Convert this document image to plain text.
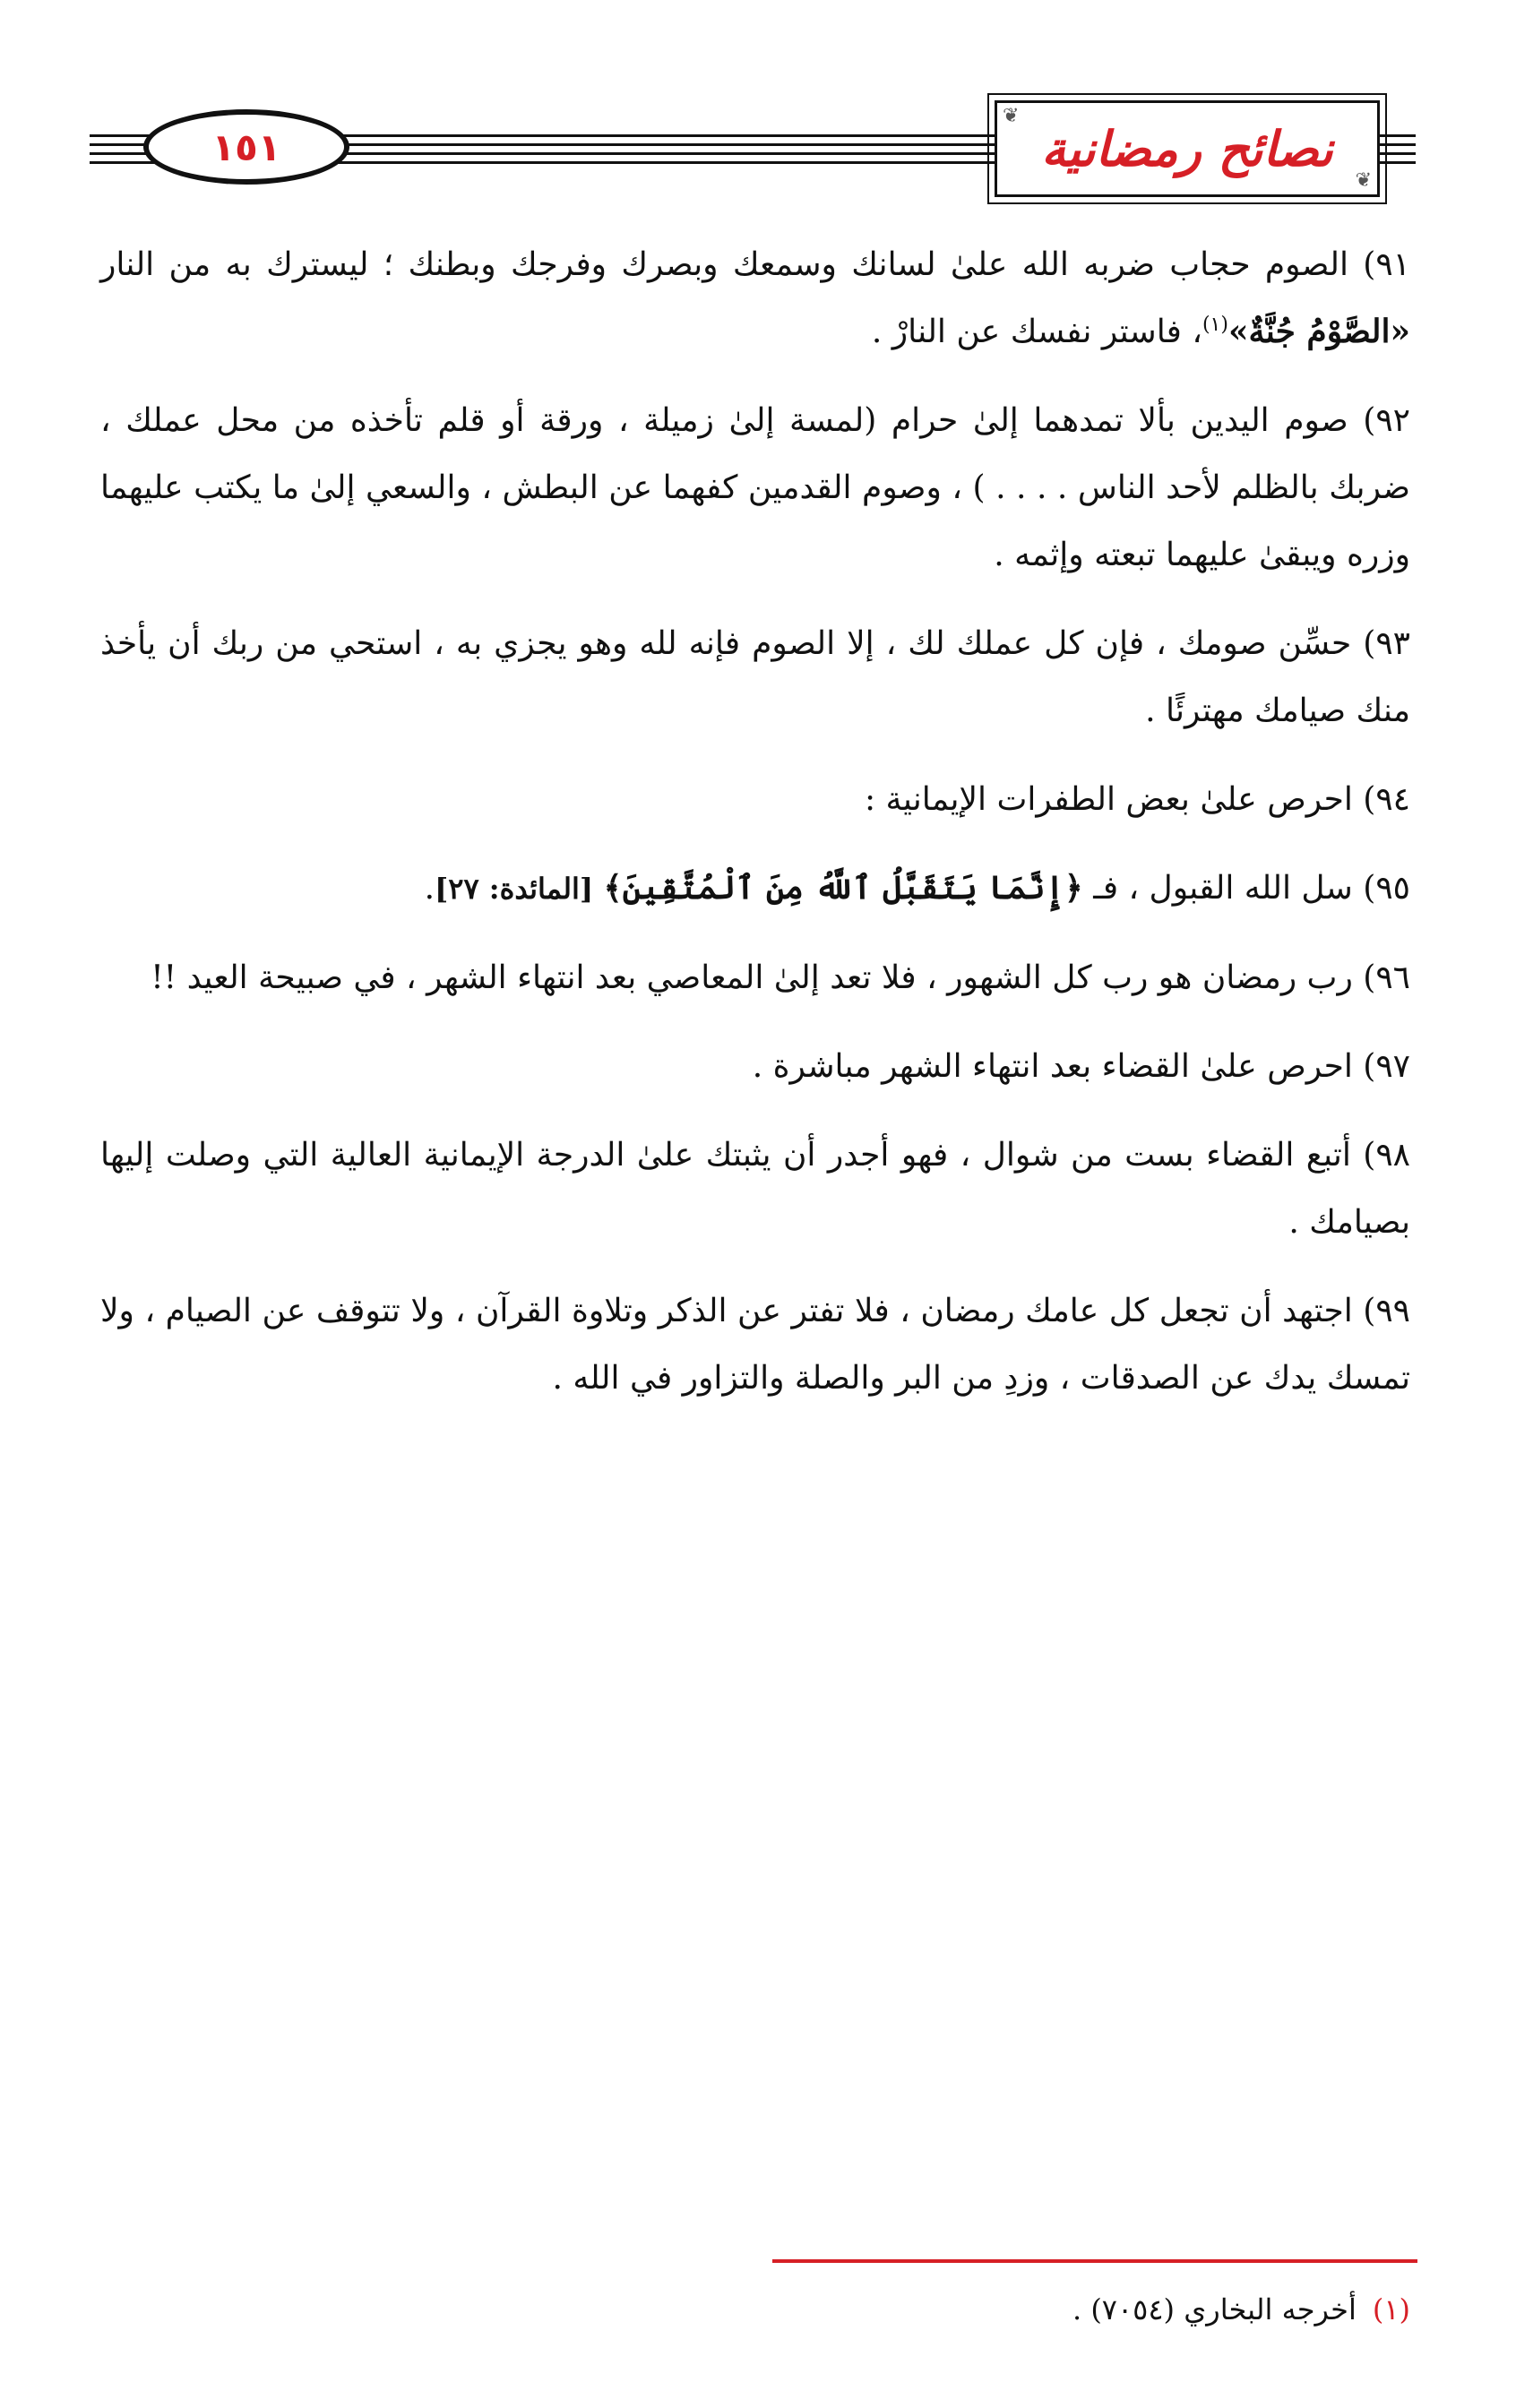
❦
نصائح رمضانية
❦
١٥١

٩١) الصوم حجاب ضربه الله علىٰ لسانك وسمعك وبصرك وفرجك وبطنك ؛ ليسترك به من النار «الصَّوْمُ جُنَّةٌ»$^{(١)}$، فاستر نفسك عن النارْ .

٩٢) صوم اليدين بألا تمدهما إلىٰ حرام (لمسة إلىٰ زميلة ، ورقة أو قلم تأخذه من محل عملك ، ضربك بالظلم لأحد الناس . . . . ) ، وصوم القدمين كفهما عن البطش ، والسعي إلىٰ ما يكتب عليهما وزره ويبقىٰ عليهما تبعته وإثمه .

٩٣) حسِّن صومك ، فإن كل عملك لك ، إلا الصوم فإنه لله وهو يجزي به ، استحي من ربك أن يأخذ منك صيامك مهترئًا .

٩٤) احرص علىٰ بعض الطفرات الإيمانية :

٩٥) سل الله القبول ، فـ ﴿إِنَّمَا يَتَقَبَّلُ ٱللَّهُ مِنَ ٱلْمُتَّقِينَ﴾ [المائدة: ٢٧].

٩٦) رب رمضان هو رب كل الشهور ، فلا تعد إلىٰ المعاصي بعد انتهاء الشهر ، في صبيحة العيد !!

٩٧) احرص علىٰ القضاء بعد انتهاء الشهر مباشرة .

٩٨) أتبع القضاء بست من شوال ، فهو أجدر أن يثبتك علىٰ الدرجة الإيمانية العالية التي وصلت إليها بصيامك .

٩٩) اجتهد أن تجعل كل عامك رمضان ، فلا تفتر عن الذكر وتلاوة القرآن ، ولا تتوقف عن الصيام ، ولا تمسك يدك عن الصدقات ، وزدِ من البر والصلة والتزاور في الله .

(١)أخرجه البخاري (٧٠٥٤) .
